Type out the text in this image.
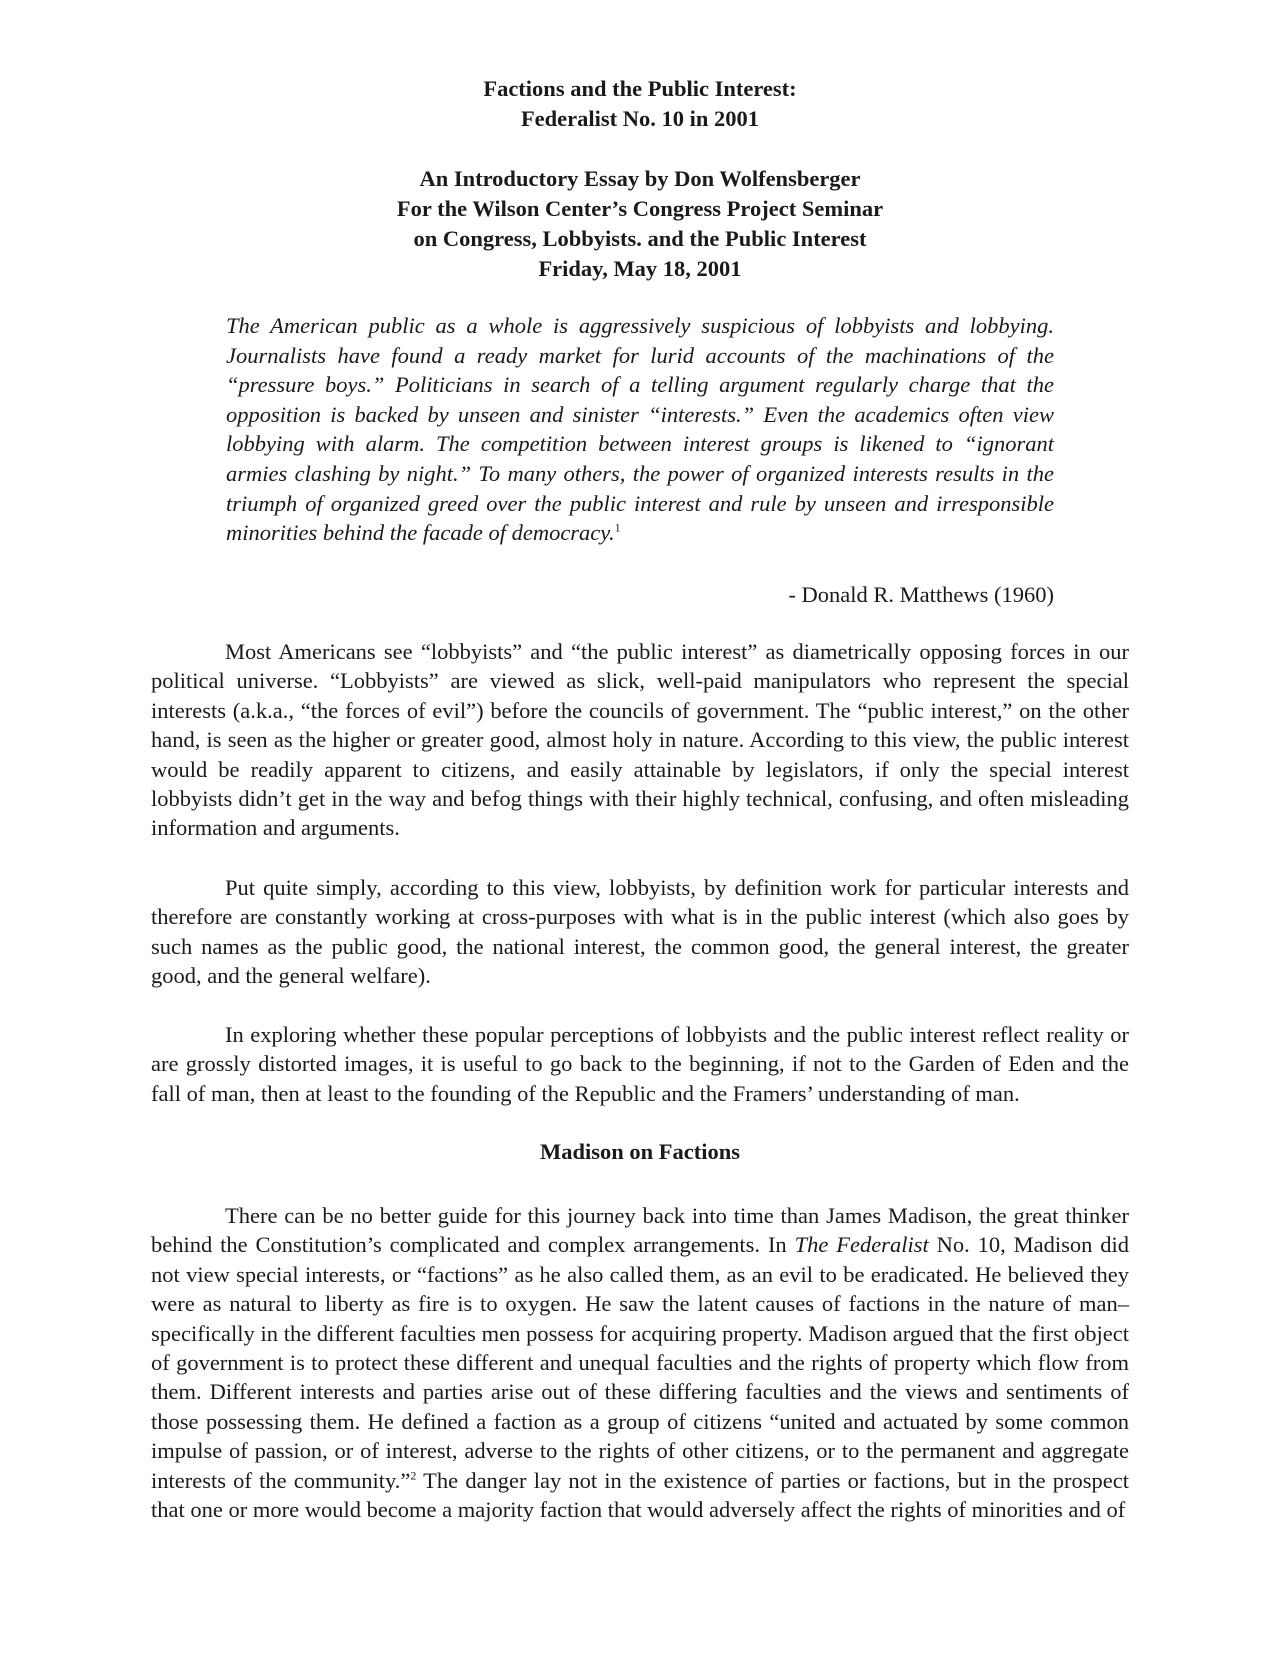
Factions and the Public Interest:

Federalist No. 10 in 2001

An Introductory Essay by Don Wolfensberger

For the Wilson Center’s Congress Project Seminar

on Congress, Lobbyists. and the Public Interest

Friday, May 18, 2001

The American public as a whole is aggressively suspicious of lobbyists and lobbying. Journalists have found a ready market for lurid accounts of the machinations of the “pressure boys.” Politicians in search of a telling argument regularly charge that the opposition is backed by unseen and sinister “interests.” Even the academics often view lobbying with alarm. The competition between interest groups is likened to “ignorant armies clashing by night.” To many others, the power of organized interests results in the triumph of organized greed over the public interest and rule by unseen and irresponsible minorities behind the facade of democracy.$^1$
- Donald R. Matthews (1960)

Most Americans see “lobbyists” and “the public interest” as diametrically opposing forces in our political universe. “Lobbyists” are viewed as slick, well-paid manipulators who represent the special interests (a.k.a., “the forces of evil”) before the councils of government. The “public interest,” on the other hand, is seen as the higher or greater good, almost holy in nature. According to this view, the public interest would be readily apparent to citizens, and easily attainable by legislators, if only the special interest lobbyists didn’t get in the way and befog things with their highly technical, confusing, and often misleading information and arguments.

Put quite simply, according to this view, lobbyists, by definition work for particular interests and therefore are constantly working at cross-purposes with what is in the public interest (which also goes by such names as the public good, the national interest, the common good, the general interest, the greater good, and the general welfare).

In exploring whether these popular perceptions of lobbyists and the public interest reflect reality or are grossly distorted images, it is useful to go back to the beginning, if not to the Garden of Eden and the fall of man, then at least to the founding of the Republic and the Framers’ understanding of man.

Madison on Factions

There can be no better guide for this journey back into time than James Madison, the great thinker behind the Constitution’s complicated and complex arrangements. In The Federalist No. 10, Madison did not view special interests, or “factions” as he also called them, as an evil to be eradicated. He believed they were as natural to liberty as fire is to oxygen. He saw the latent causes of factions in the nature of man–specifically in the different faculties men possess for acquiring property. Madison argued that the first object of government is to protect these different and unequal faculties and the rights of property which flow from them. Different interests and parties arise out of these differing faculties and the views and sentiments of those possessing them. He defined a faction as a group of citizens “united and actuated by some common impulse of passion, or of interest, adverse to the rights of other citizens, or to the permanent and aggregate interests of the community.”$^2$ The danger lay not in the existence of parties or factions, but in the prospect that one or more would become a majority faction that would adversely affect the rights of minorities and of
